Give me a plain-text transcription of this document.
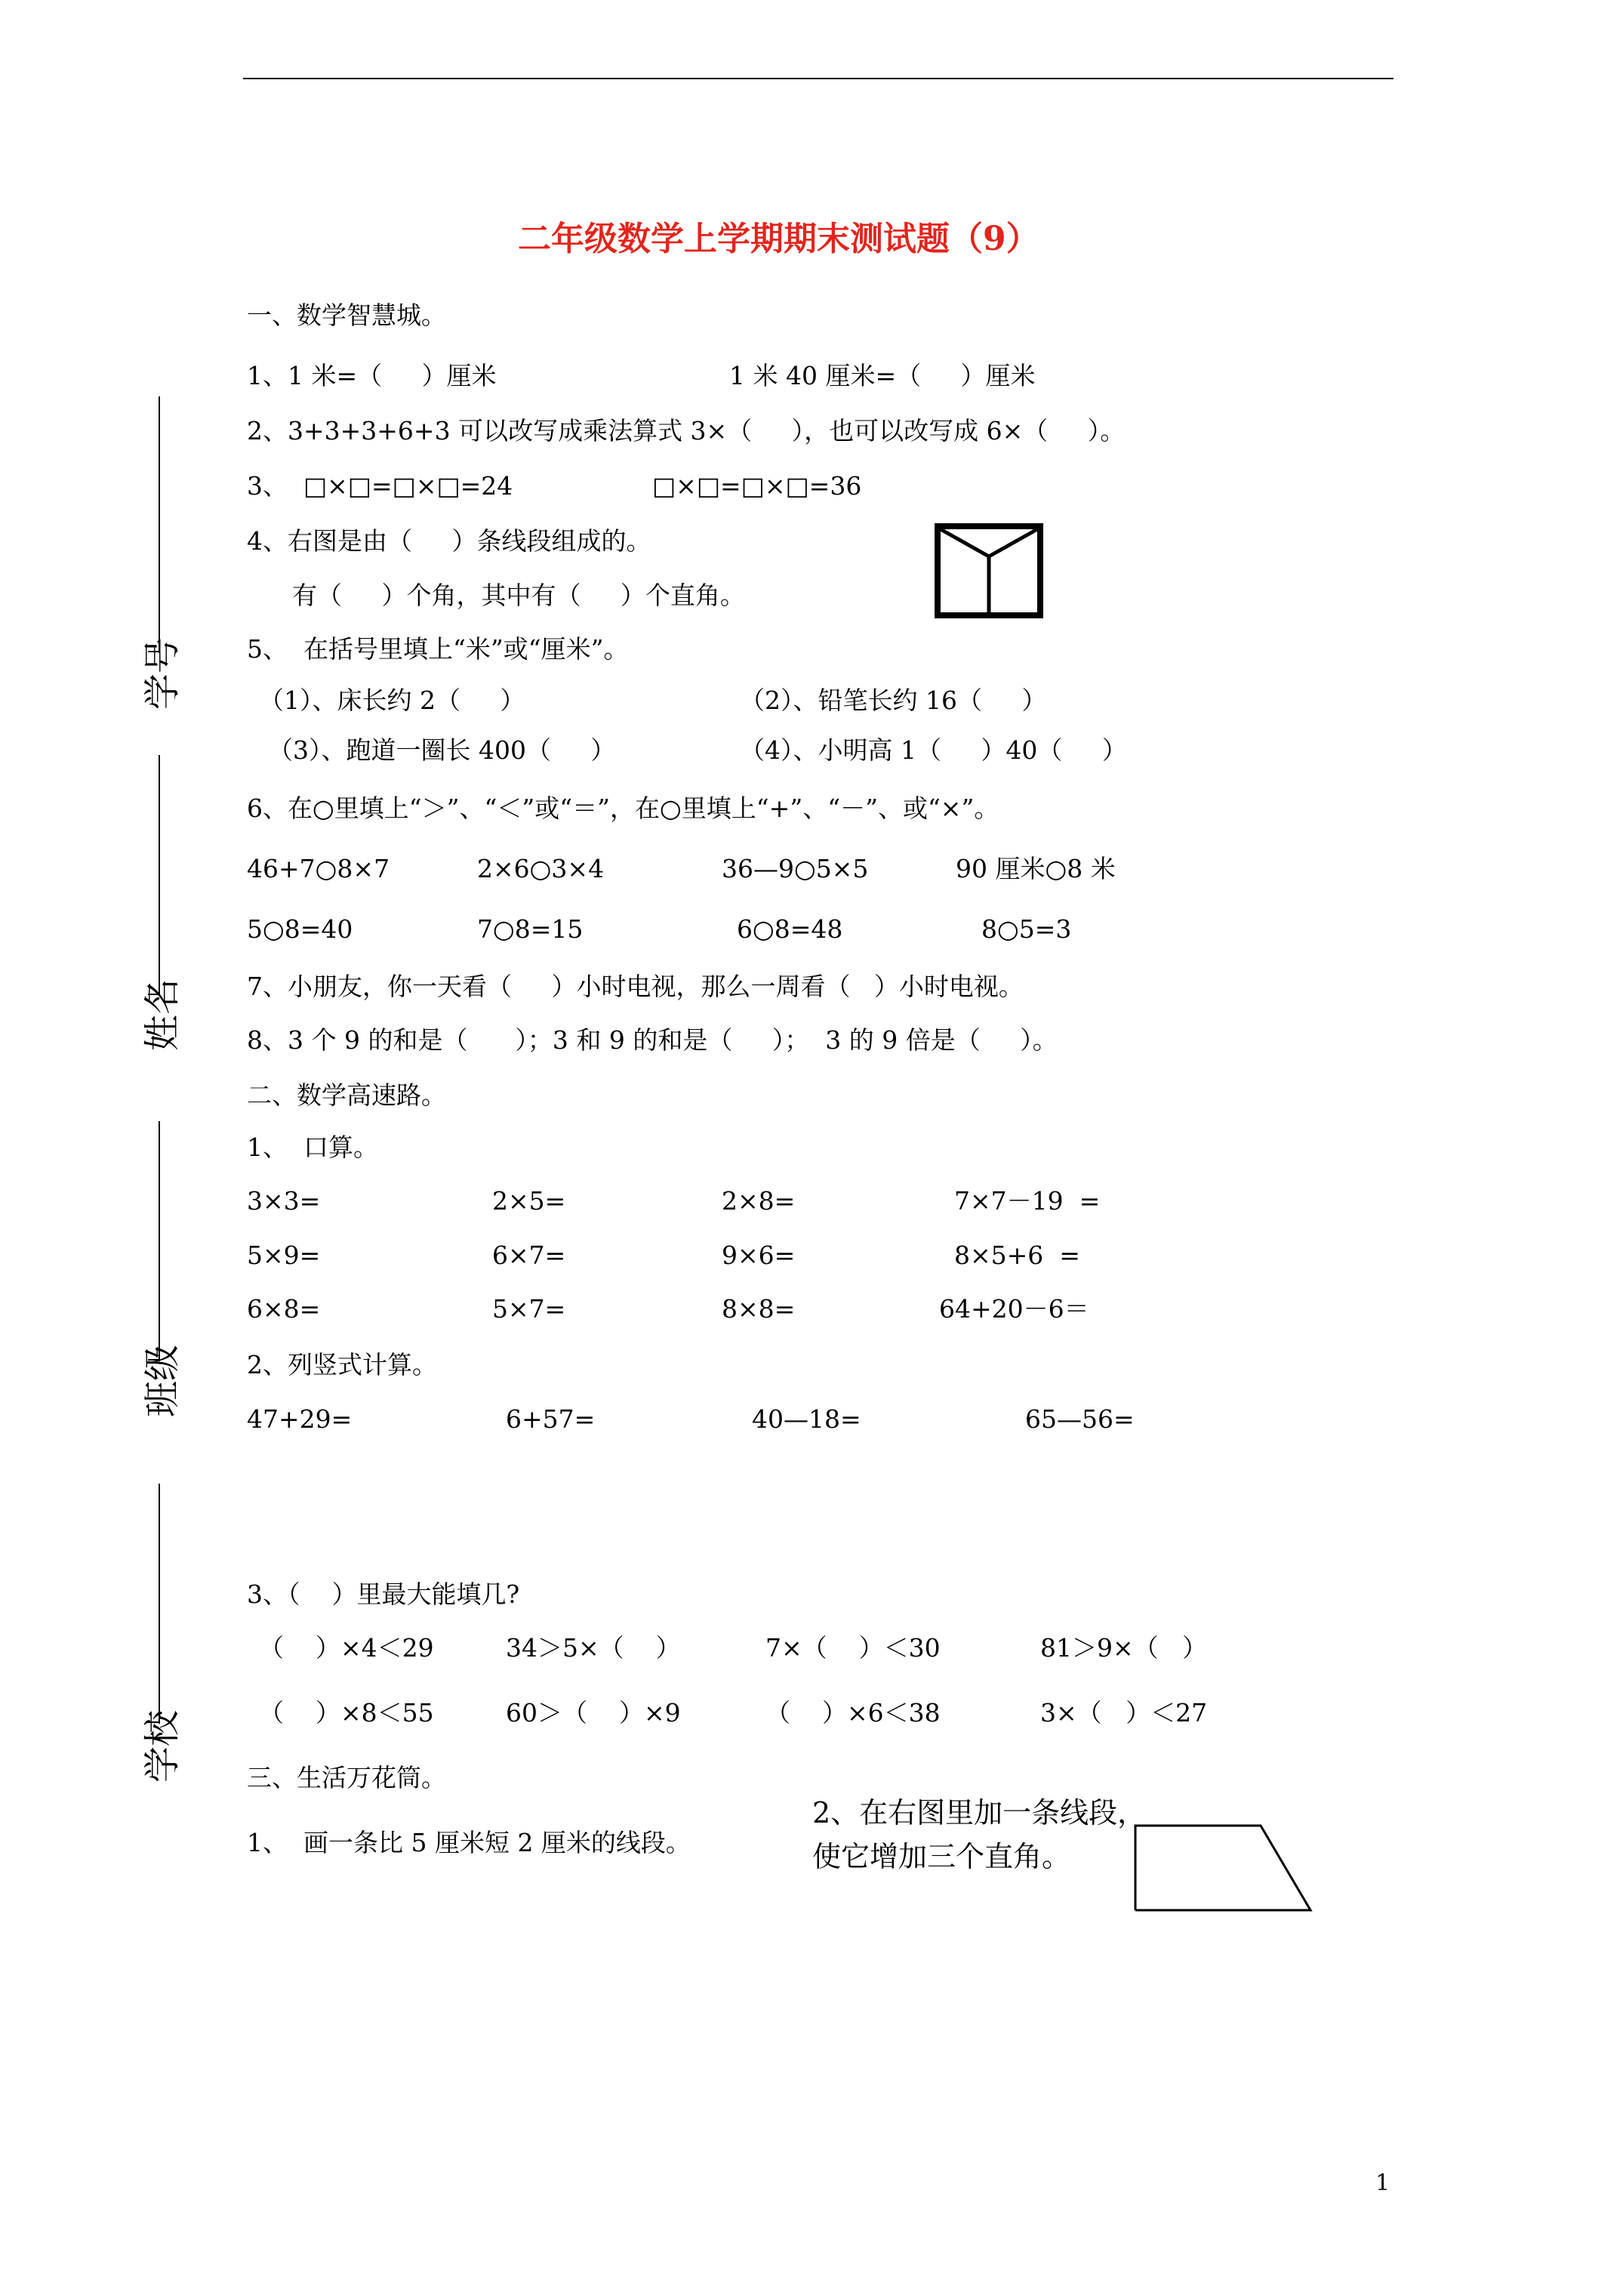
二年级数学上学期期末测试题（9）
学号
姓名
班级
学校
一、数学智慧城。
1、1 米=（     ）厘米	1 米 40 厘米=（     ）厘米
2、3+3+3+6+3 可以改写成乘法算式 3×（     ），也可以改写成 6×（     ）。
3、  □×□=□×□=24	□×□=□×□=36
4、右图是由（     ）条线段组成的。
有（     ）个角，其中有（     ）个直角。
5、  在括号里填上“米”或“厘米”。
（1）、床长约 2（     ）	（2）、铅笔长约 16（     ）
（3）、跑道一圈长 400（     ）	（4）、小明高 1（     ）40（     ）
6、在○里填上“＞”、“＜”或“＝”，在○里填上“+”、“－”、或“×”。
46+7○8×7	2×6○3×4	36—9○5×5	90 厘米○8 米
5○8=40	7○8=15	6○8=48	8○5=3
7、小朋友，你一天看（     ）小时电视，那么一周看（   ）小时电视。
8、3 个 9 的和是（      ）；3 和 9 的和是（     ）；  3 的 9 倍是（     ）。
二、数学高速路。
1、  口算。
3×3=	2×5=	2×8=	7×7－19  =
5×9=	6×7=	9×6=	8×5+6  =
6×8=	5×7=	8×8=	64+20－6＝
2、列竖式计算。
47+29=	6+57=	40—18=	65—56=
3、（    ）里最大能填几?
（    ）×4＜29	34＞5×（    ）	7×（    ）＜30	81＞9×（   ）
（    ）×8＜55	60＞（    ）×9	（    ）×6＜38	3×（   ）＜27
三、生活万花筒。
1、  画一条比 5 厘米短 2 厘米的线段。
2、在右图里加一条线段，
使它增加三个直角。
1
